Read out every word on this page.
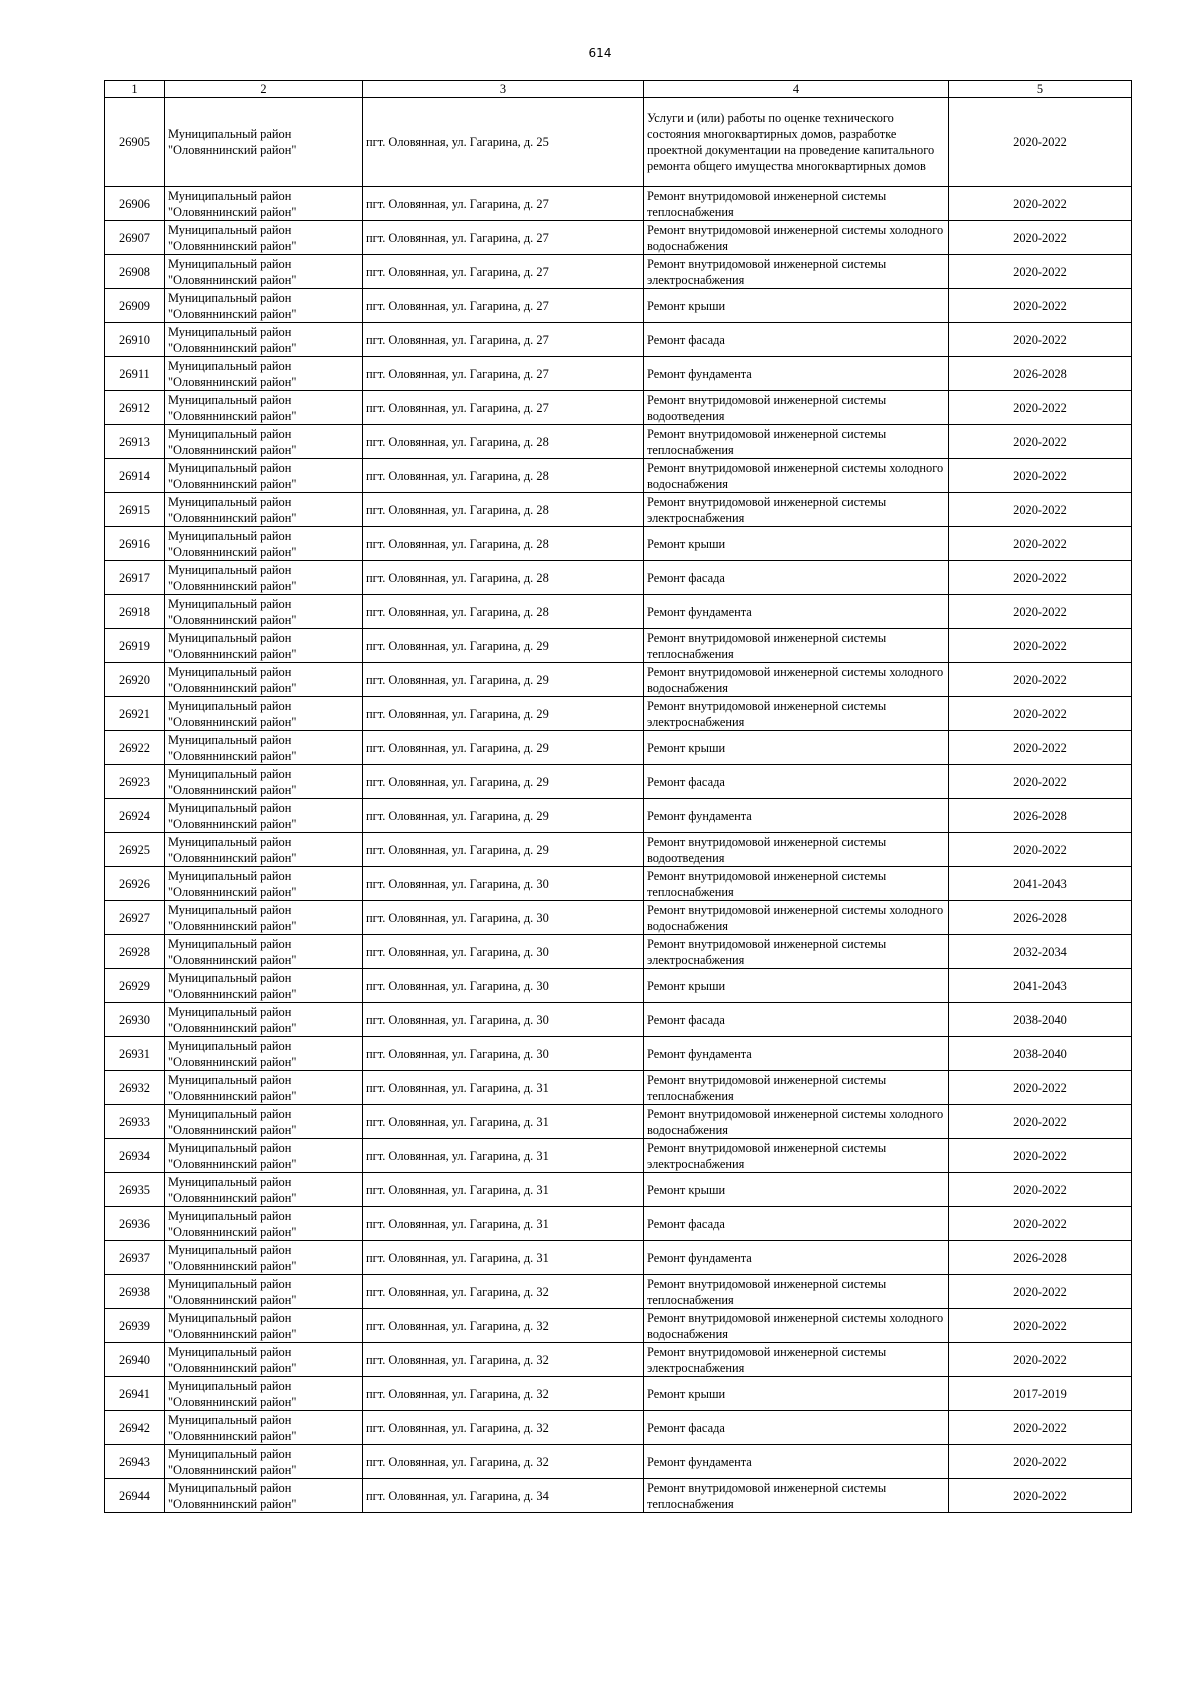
614
1	2	3	4	5
26905	Муниципальный район "Оловяннинский район"	пгт. Оловянная, ул. Гагарина, д. 25	Услуги и (или) работы по оценке технического состояния многоквартирных домов, разработке проектной документации на проведение капитального ремонта общего имущества многоквартирных домов	2020-2022
26906	Муниципальный район "Оловяннинский район"	пгт. Оловянная, ул. Гагарина, д. 27	Ремонт внутридомовой инженерной системы теплоснабжения	2020-2022
26907	Муниципальный район "Оловяннинский район"	пгт. Оловянная, ул. Гагарина, д. 27	Ремонт внутридомовой инженерной системы холодного водоснабжения	2020-2022
26908	Муниципальный район "Оловяннинский район"	пгт. Оловянная, ул. Гагарина, д. 27	Ремонт внутридомовой инженерной системы электроснабжения	2020-2022
26909	Муниципальный район "Оловяннинский район"	пгт. Оловянная, ул. Гагарина, д. 27	Ремонт крыши	2020-2022
26910	Муниципальный район "Оловяннинский район"	пгт. Оловянная, ул. Гагарина, д. 27	Ремонт фасада	2020-2022
26911	Муниципальный район "Оловяннинский район"	пгт. Оловянная, ул. Гагарина, д. 27	Ремонт фундамента	2026-2028
26912	Муниципальный район "Оловяннинский район"	пгт. Оловянная, ул. Гагарина, д. 27	Ремонт внутридомовой инженерной системы водоотведения	2020-2022
26913	Муниципальный район "Оловяннинский район"	пгт. Оловянная, ул. Гагарина, д. 28	Ремонт внутридомовой инженерной системы теплоснабжения	2020-2022
26914	Муниципальный район "Оловяннинский район"	пгт. Оловянная, ул. Гагарина, д. 28	Ремонт внутридомовой инженерной системы холодного водоснабжения	2020-2022
26915	Муниципальный район "Оловяннинский район"	пгт. Оловянная, ул. Гагарина, д. 28	Ремонт внутридомовой инженерной системы электроснабжения	2020-2022
26916	Муниципальный район "Оловяннинский район"	пгт. Оловянная, ул. Гагарина, д. 28	Ремонт крыши	2020-2022
26917	Муниципальный район "Оловяннинский район"	пгт. Оловянная, ул. Гагарина, д. 28	Ремонт фасада	2020-2022
26918	Муниципальный район "Оловяннинский район"	пгт. Оловянная, ул. Гагарина, д. 28	Ремонт фундамента	2020-2022
26919	Муниципальный район "Оловяннинский район"	пгт. Оловянная, ул. Гагарина, д. 29	Ремонт внутридомовой инженерной системы теплоснабжения	2020-2022
26920	Муниципальный район "Оловяннинский район"	пгт. Оловянная, ул. Гагарина, д. 29	Ремонт внутридомовой инженерной системы холодного водоснабжения	2020-2022
26921	Муниципальный район "Оловяннинский район"	пгт. Оловянная, ул. Гагарина, д. 29	Ремонт внутридомовой инженерной системы электроснабжения	2020-2022
26922	Муниципальный район "Оловяннинский район"	пгт. Оловянная, ул. Гагарина, д. 29	Ремонт крыши	2020-2022
26923	Муниципальный район "Оловяннинский район"	пгт. Оловянная, ул. Гагарина, д. 29	Ремонт фасада	2020-2022
26924	Муниципальный район "Оловяннинский район"	пгт. Оловянная, ул. Гагарина, д. 29	Ремонт фундамента	2026-2028
26925	Муниципальный район "Оловяннинский район"	пгт. Оловянная, ул. Гагарина, д. 29	Ремонт внутридомовой инженерной системы водоотведения	2020-2022
26926	Муниципальный район "Оловяннинский район"	пгт. Оловянная, ул. Гагарина, д. 30	Ремонт внутридомовой инженерной системы теплоснабжения	2041-2043
26927	Муниципальный район "Оловяннинский район"	пгт. Оловянная, ул. Гагарина, д. 30	Ремонт внутридомовой инженерной системы холодного водоснабжения	2026-2028
26928	Муниципальный район "Оловяннинский район"	пгт. Оловянная, ул. Гагарина, д. 30	Ремонт внутридомовой инженерной системы электроснабжения	2032-2034
26929	Муниципальный район "Оловяннинский район"	пгт. Оловянная, ул. Гагарина, д. 30	Ремонт крыши	2041-2043
26930	Муниципальный район "Оловяннинский район"	пгт. Оловянная, ул. Гагарина, д. 30	Ремонт фасада	2038-2040
26931	Муниципальный район "Оловяннинский район"	пгт. Оловянная, ул. Гагарина, д. 30	Ремонт фундамента	2038-2040
26932	Муниципальный район "Оловяннинский район"	пгт. Оловянная, ул. Гагарина, д. 31	Ремонт внутридомовой инженерной системы теплоснабжения	2020-2022
26933	Муниципальный район "Оловяннинский район"	пгт. Оловянная, ул. Гагарина, д. 31	Ремонт внутридомовой инженерной системы холодного водоснабжения	2020-2022
26934	Муниципальный район "Оловяннинский район"	пгт. Оловянная, ул. Гагарина, д. 31	Ремонт внутридомовой инженерной системы электроснабжения	2020-2022
26935	Муниципальный район "Оловяннинский район"	пгт. Оловянная, ул. Гагарина, д. 31	Ремонт крыши	2020-2022
26936	Муниципальный район "Оловяннинский район"	пгт. Оловянная, ул. Гагарина, д. 31	Ремонт фасада	2020-2022
26937	Муниципальный район "Оловяннинский район"	пгт. Оловянная, ул. Гагарина, д. 31	Ремонт фундамента	2026-2028
26938	Муниципальный район "Оловяннинский район"	пгт. Оловянная, ул. Гагарина, д. 32	Ремонт внутридомовой инженерной системы теплоснабжения	2020-2022
26939	Муниципальный район "Оловяннинский район"	пгт. Оловянная, ул. Гагарина, д. 32	Ремонт внутридомовой инженерной системы холодного водоснабжения	2020-2022
26940	Муниципальный район "Оловяннинский район"	пгт. Оловянная, ул. Гагарина, д. 32	Ремонт внутридомовой инженерной системы электроснабжения	2020-2022
26941	Муниципальный район "Оловяннинский район"	пгт. Оловянная, ул. Гагарина, д. 32	Ремонт крыши	2017-2019
26942	Муниципальный район "Оловяннинский район"	пгт. Оловянная, ул. Гагарина, д. 32	Ремонт фасада	2020-2022
26943	Муниципальный район "Оловяннинский район"	пгт. Оловянная, ул. Гагарина, д. 32	Ремонт фундамента	2020-2022
26944	Муниципальный район "Оловяннинский район"	пгт. Оловянная, ул. Гагарина, д. 34	Ремонт внутридомовой инженерной системы теплоснабжения	2020-2022
